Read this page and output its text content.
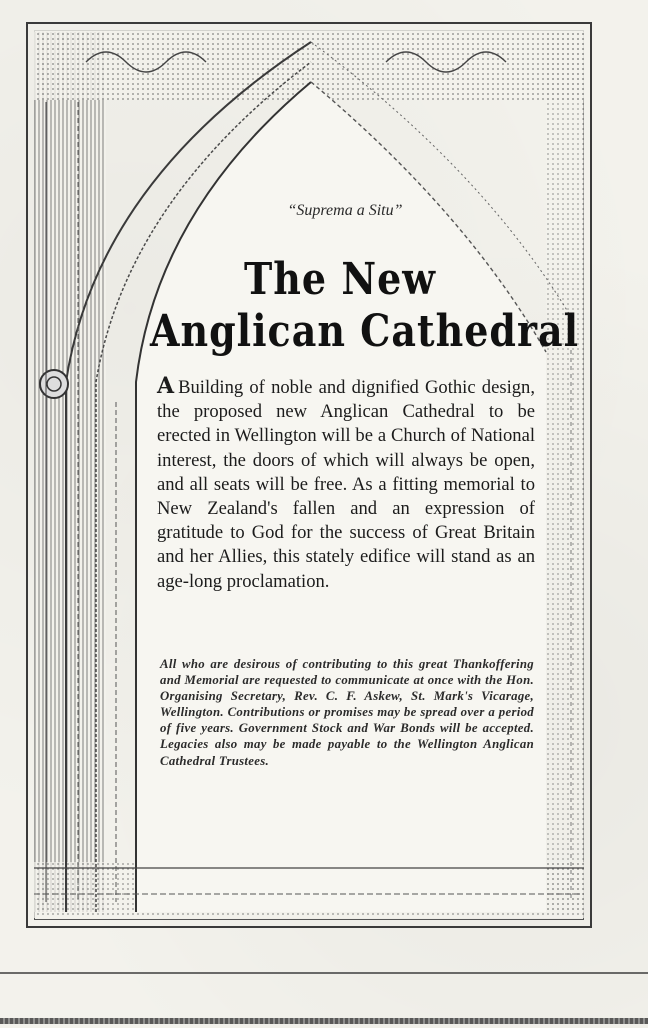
“Suprema a Situ”
The New
Anglican Cathedral
A Building of noble and dignified Gothic design, the proposed new Anglican Cathedral to be erected in Wellington will be a Church of National interest, the doors of which will always be open, and all seats will be free. As a fitting memorial to New Zealand's fallen and an expression of gratitude to God for the success of Great Britain and her Allies, this stately edifice will stand as an age-long proclamation.
All who are desirous of contributing to this great Thankoffering and Memorial are requested to communicate at once with the Hon. Organising Secretary, Rev. C. F. Askew, St. Mark's Vicarage, Wellington. Contributions or promises may be spread over a period of five years. Government Stock and War Bonds will be accepted. Legacies also may be made payable to the Wellington Anglican Cathedral Trustees.
